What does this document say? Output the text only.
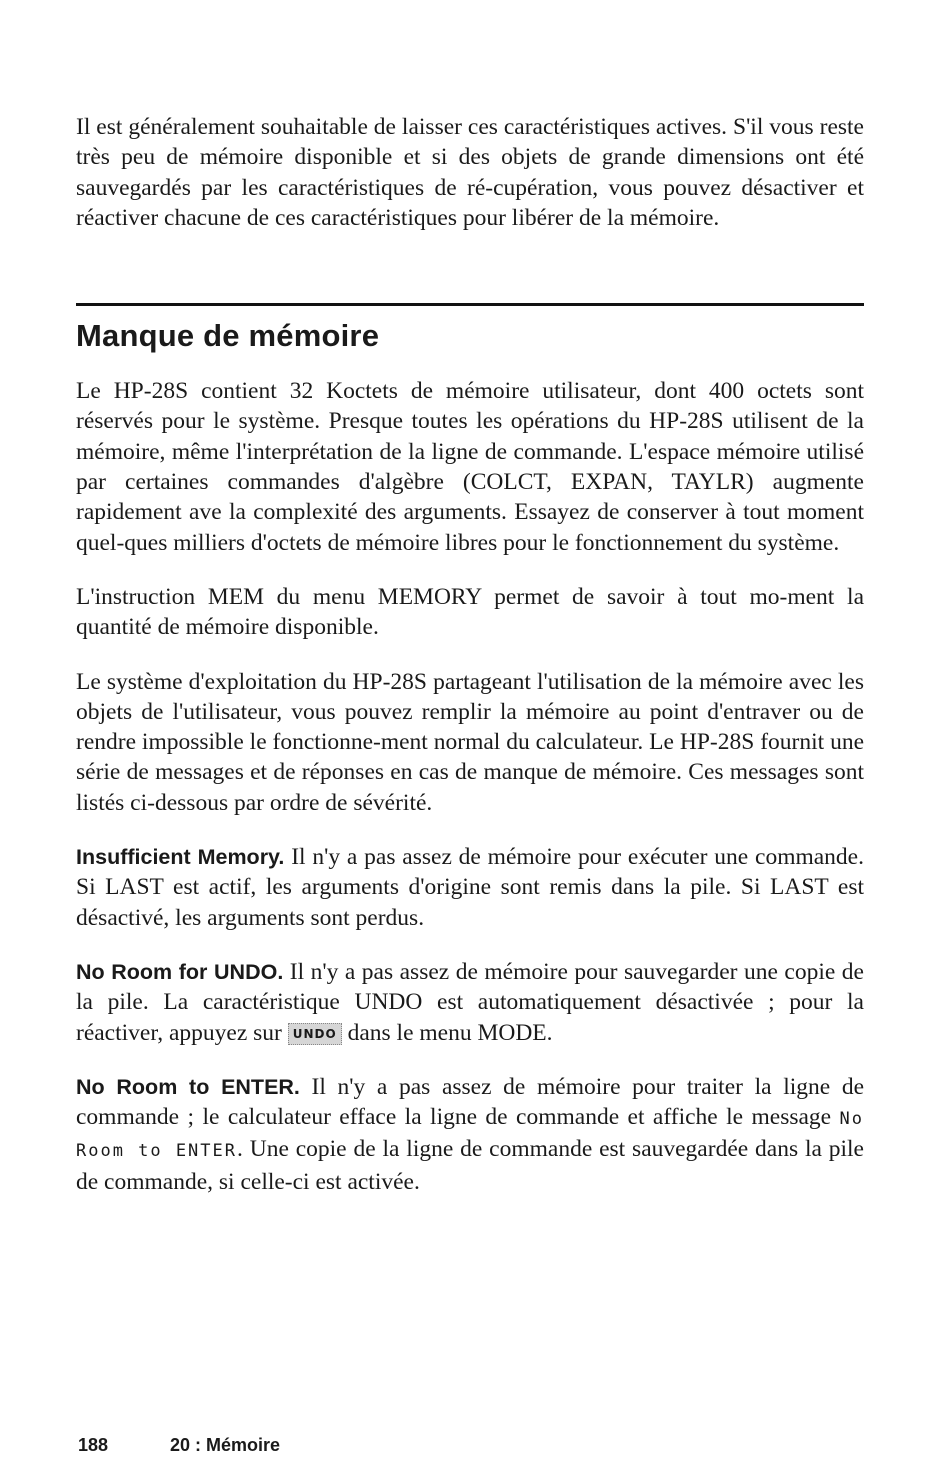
Il est généralement souhaitable de laisser ces caractéristiques actives. S'il vous reste très peu de mémoire disponible et si des objets de grande dimensions ont été sauvegardés par les caractéristiques de ré-cupération, vous pouvez désactiver et réactiver chacune de ces caractéristiques pour libérer de la mémoire.

Manque de mémoire

Le HP-28S contient 32 Koctets de mémoire utilisateur, dont 400 octets sont réservés pour le système. Presque toutes les opérations du HP-28S utilisent de la mémoire, même l'interprétation de la ligne de commande. L'espace mémoire utilisé par certaines commandes d'algèbre (COLCT, EXPAN, TAYLR) augmente rapidement ave la complexité des arguments. Essayez de conserver à tout moment quel-ques milliers d'octets de mémoire libres pour le fonctionnement du système.

L'instruction MEM du menu MEMORY permet de savoir à tout mo-ment la quantité de mémoire disponible.

Le système d'exploitation du HP-28S partageant l'utilisation de la mémoire avec les objets de l'utilisateur, vous pouvez remplir la mémoire au point d'entraver ou de rendre impossible le fonctionne-ment normal du calculateur. Le HP-28S fournit une série de messages et de réponses en cas de manque de mémoire. Ces messages sont listés ci-dessous par ordre de sévérité.

Insufficient Memory. Il n'y a pas assez de mémoire pour exécuter une commande. Si LAST est actif, les arguments d'origine sont remis dans la pile. Si LAST est désactivé, les arguments sont perdus.

No Room for UNDO. Il n'y a pas assez de mémoire pour sauvegarder une copie de la pile. La caractéristique UNDO est automatiquement désactivée ; pour la réactiver, appuyez sur UNDO dans le menu MODE.

No Room to ENTER. Il n'y a pas assez de mémoire pour traiter la ligne de commande ; le calculateur efface la ligne de commande et affiche le message No Room to ENTER. Une copie de la ligne de commande est sauvegardée dans la pile de commande, si celle-ci est activée.

188	20 : Mémoire
